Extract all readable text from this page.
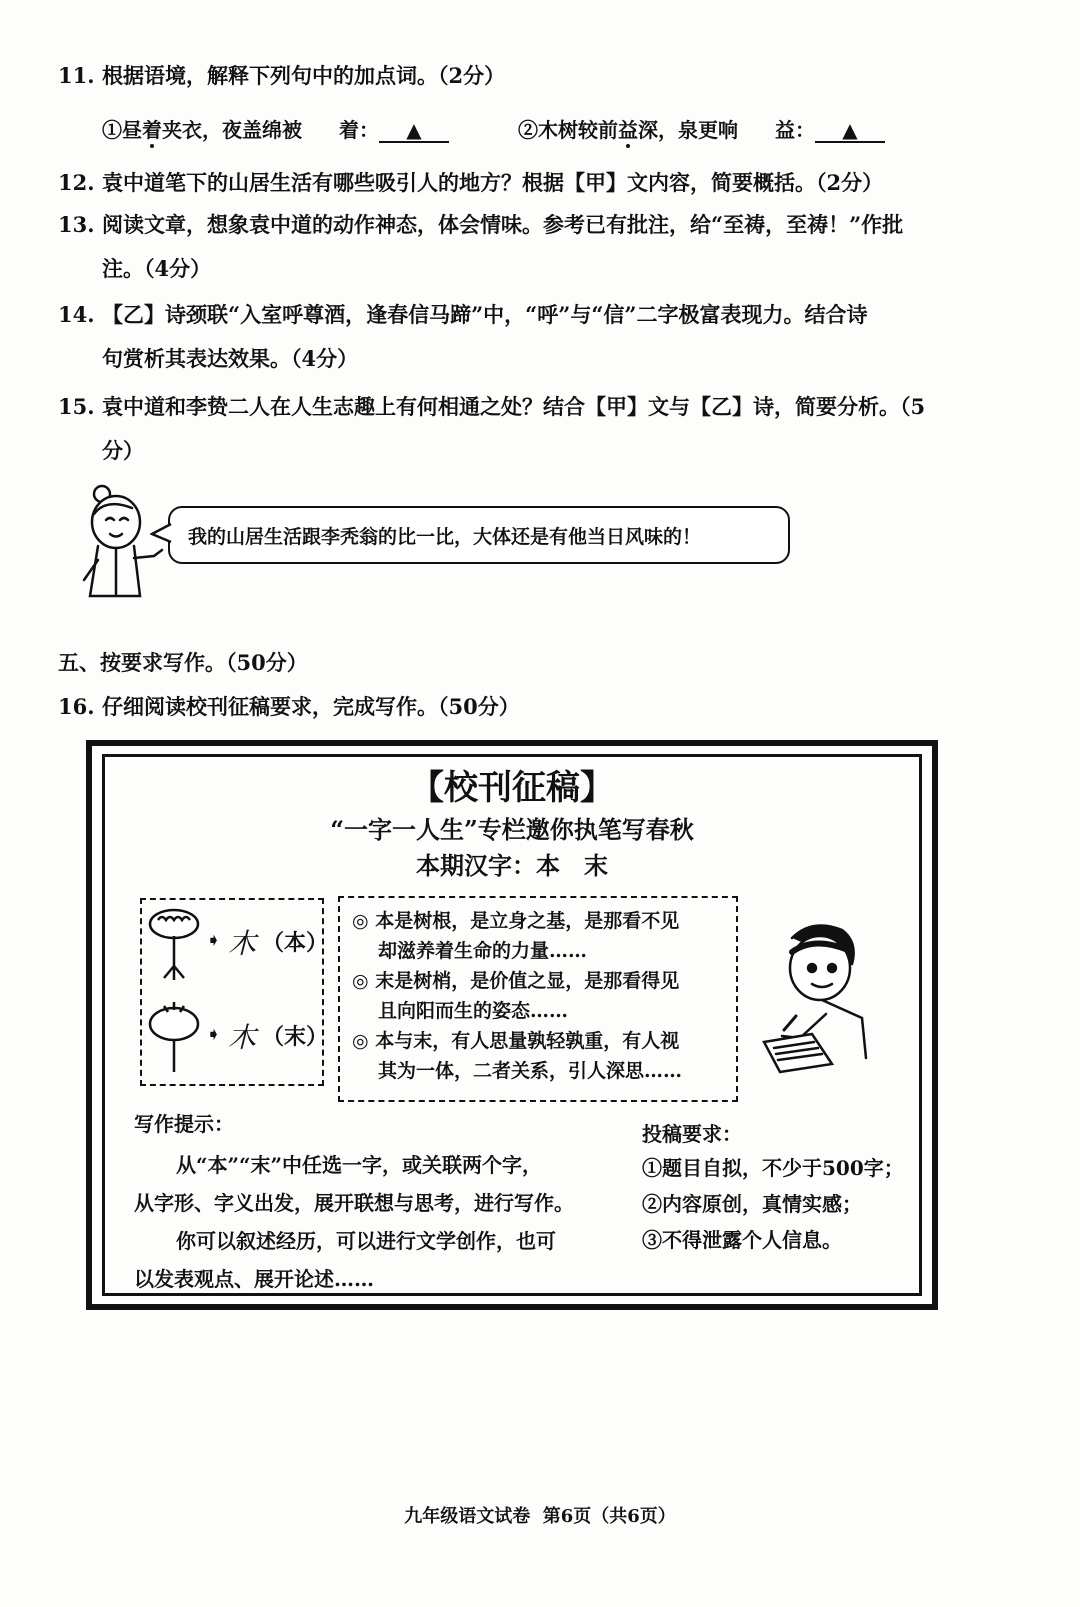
11. 根据语境，解释下列句中的加点词。（2分）
①昼着夹衣，夜盖绵被 着： ▲	②木树较前益深，泉更响 益： ▲
12. 袁中道笔下的山居生活有哪些吸引人的地方？根据【甲】文内容，简要概括。（2分）
13. 阅读文章，想象袁中道的动作神态，体会情味。参考已有批注，给“至祷，至祷！”作批
注。（4分）
14. 【乙】诗颈联“入室呼尊酒，逢春信马蹄”中，“呼”与“信”二字极富表现力。结合诗
句赏析其表达效果。（4分）
15. 袁中道和李贽二人在人生志趣上有何相通之处？结合【甲】文与【乙】诗，简要分析。（5
分）
我的山居生活跟李秃翁的比一比，大体还是有他当日风味的！
五、按要求写作。（50分）
16. 仔细阅读校刊征稿要求，完成写作。（50分）
【校刊征稿】
“一字一人生”专栏邀你执笔写春秋
本期汉字：本　末
➧
➧
木 （本）
木 （末）
◎ 本是树根，是立身之基，是那看不见
却滋养着生命的力量……
◎ 末是树梢，是价值之显，是那看得见
且向阳而生的姿态……
◎ 本与末，有人思量孰轻孰重，有人视
其为一体，二者关系，引人深思……
写作提示：
从“本”“末”中任选一字，或关联两个字，
从字形、字义出发，展开联想与思考，进行写作。
你可以叙述经历，可以进行文学创作，也可
以发表观点、展开论述……
投稿要求：
①题目自拟，不少于500字；
②内容原创，真情实感；
③不得泄露个人信息。
九年级语文试卷  第6页（共6页）
